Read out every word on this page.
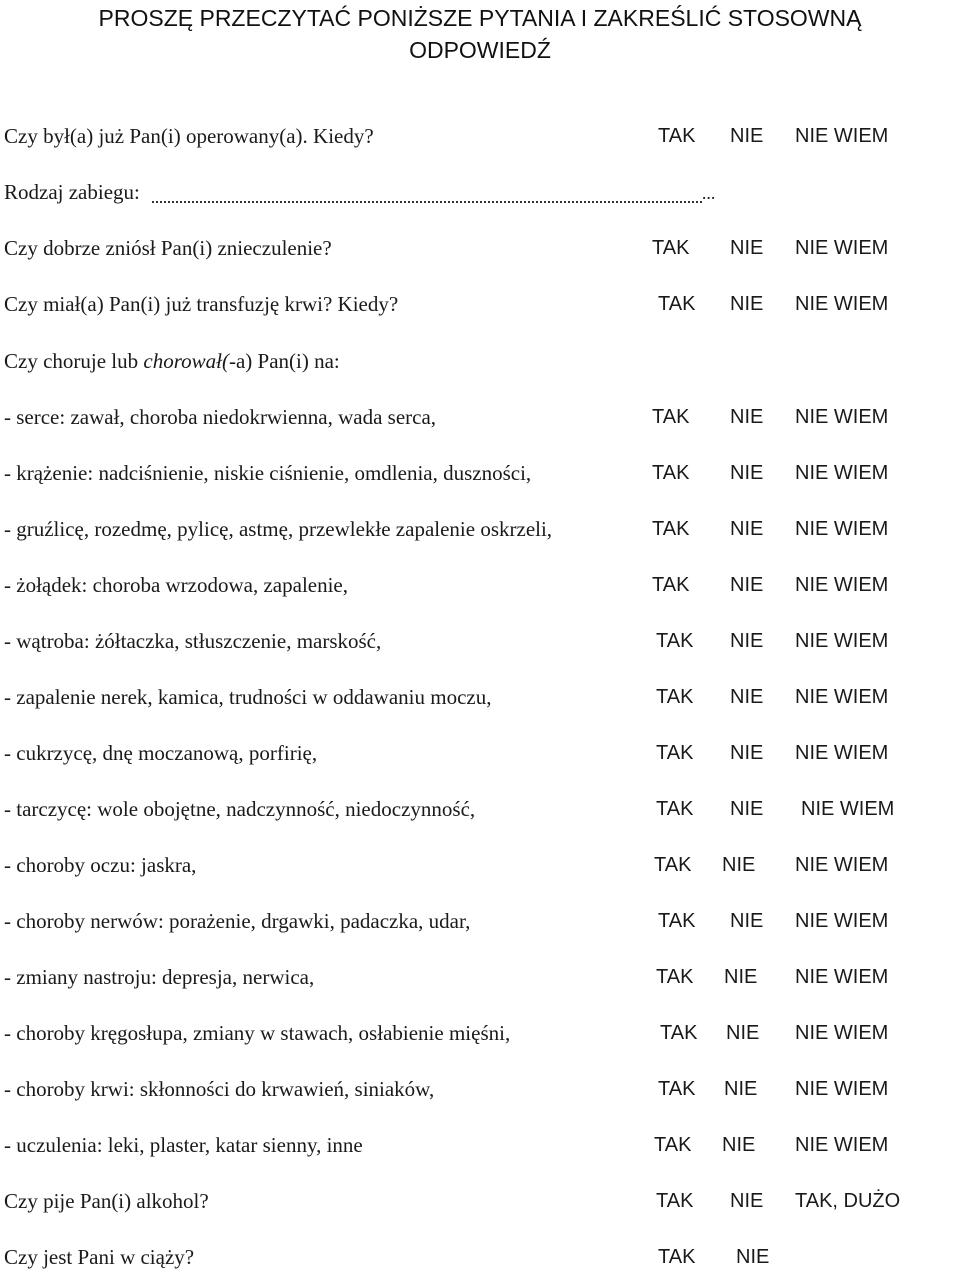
PROSZĘ PRZECZYTAĆ PONIŻSZE PYTANIA I ZAKREŚLIĆ STOSOWNĄ
ODPOWIEDŹ
Czy był(a) już Pan(i) operowany(a). Kiedy?	TAK NIE NIE WIEM
Rodzaj zabiegu:	...
Czy dobrze zniósł Pan(i) znieczulenie?	TAK NIE NIE WIEM
Czy miał(a) Pan(i) już transfuzję krwi? Kiedy?	TAK NIE NIE WIEM
Czy choruje lub chorował(-a) Pan(i) na:
- serce: zawał, choroba niedokrwienna, wada serca,	TAK NIE NIE WIEM
- krążenie: nadciśnienie, niskie ciśnienie, omdlenia, duszności,	TAK NIE NIE WIEM
- gruźlicę, rozedmę, pylicę, astmę, przewlekłe zapalenie oskrzeli,	TAK NIE NIE WIEM
- żołądek: choroba wrzodowa, zapalenie,	TAK NIE NIE WIEM
- wątroba: żółtaczka, stłuszczenie, marskość,	TAK NIE NIE WIEM
- zapalenie nerek, kamica, trudności w oddawaniu moczu,	TAK NIE NIE WIEM
- cukrzycę, dnę moczanową, porfirię,	TAK NIE NIE WIEM
- tarczycę: wole obojętne, nadczynność, niedoczynność,	TAK NIE NIE WIEM
- choroby oczu: jaskra,	TAK NIE NIE WIEM
- choroby nerwów: porażenie, drgawki, padaczka, udar,	TAK NIE NIE WIEM
- zmiany nastroju: depresja, nerwica,	TAK NIE NIE WIEM
- choroby kręgosłupa, zmiany w stawach, osłabienie mięśni,	TAK NIE NIE WIEM
- choroby krwi: skłonności do krwawień, siniaków,	TAK NIE NIE WIEM
- uczulenia: leki, plaster, katar sienny, inne	TAK NIE NIE WIEM
Czy pije Pan(i) alkohol?	TAK NIE TAK, DUŻO
Czy jest Pani w ciąży?	TAK NIE
